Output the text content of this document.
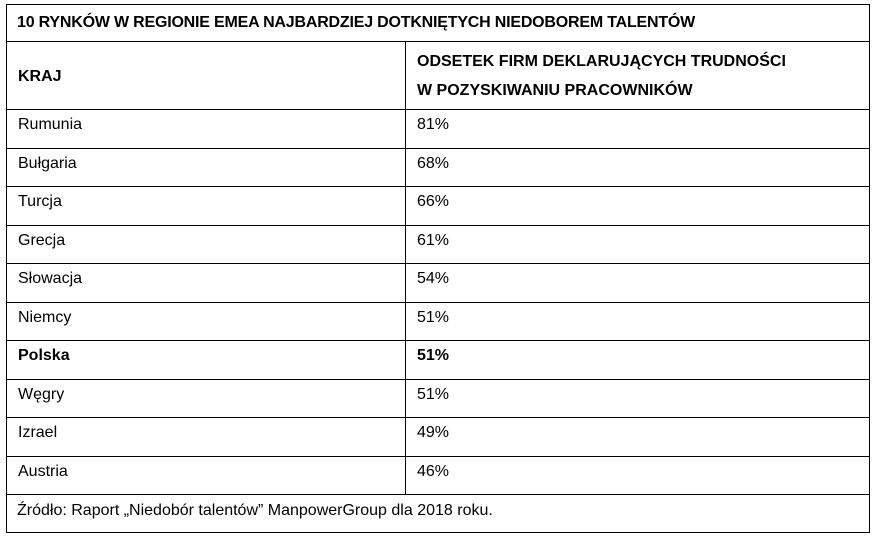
10 RYNKÓW W REGIONIE EMEA NAJBARDZIEJ DOTKNIĘTYCH NIEDOBOREM TALENTÓW	
KRAJ	ODSETEK FIRM DEKLARUJĄCYCH TRUDNOŚCI
W POZYSKIWANIU PRACOWNIKÓW
Rumunia	81%
Bułgaria	68%
Turcja	66%
Grecja	61%
Słowacja	54%
Niemcy	51%
Polska	51%
Węgry	51%
Izrael	49%
Austria	46%
Źródło: Raport „Niedobór talentów” ManpowerGroup dla 2018 roku.	
